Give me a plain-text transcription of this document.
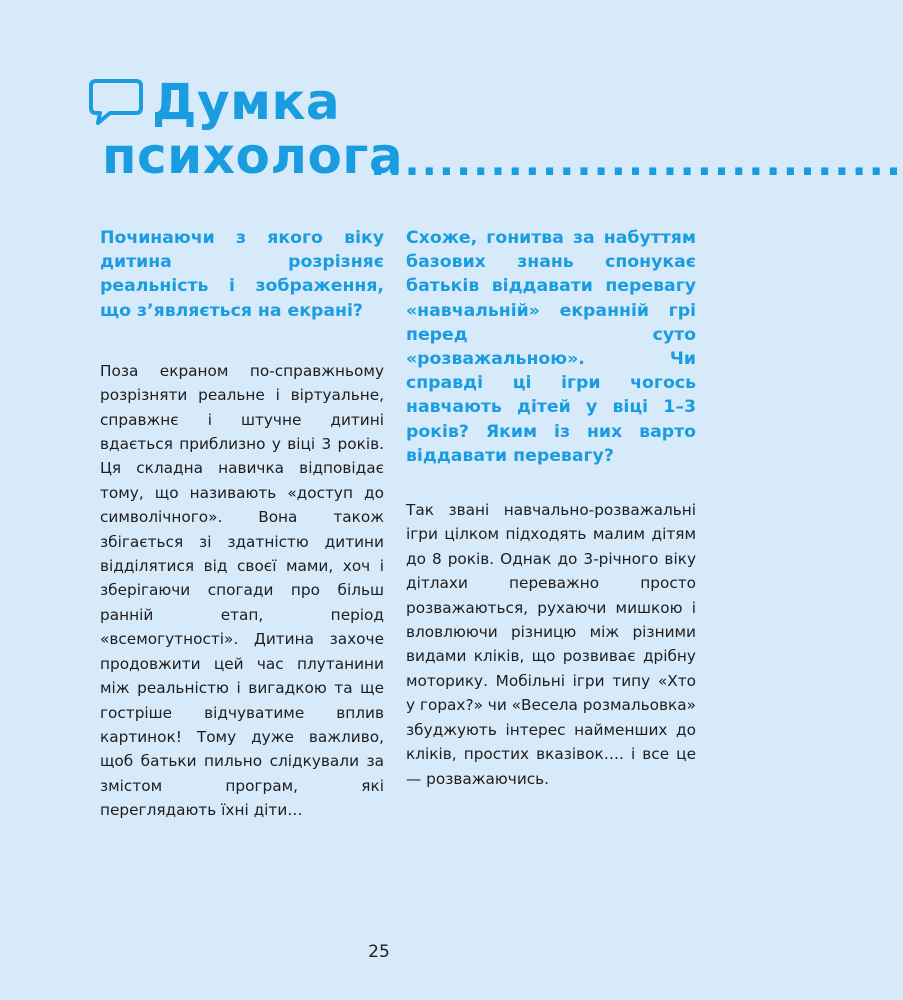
Думка
психолога
...............................

Починаючи з якого віку дитина розрізняє реальність і зображення, що з’являється на екрані?

Поза екраном по-справжньому розрізняти реальне і віртуальне, справжнє і штучне дитині вдається приблизно у віці 3 років. Ця складна навичка відповідає тому, що називають «доступ до символічного». Вона також збігається зі здатністю дитини відділятися від своєї мами, хоч і зберігаючи спогади про більш ранній етап, період «всемогутності». Дитина захоче продовжити цей час плутанини між реальністю і вигадкою та ще гостріше відчуватиме вплив картинок! Тому дуже важливо, щоб батьки пильно слідкували за змістом програм, які переглядають їхні діти…

Схоже, гонитва за набуттям базових знань спонукає батьків віддавати перевагу «навчальній» екранній грі перед суто «розважальною». Чи справді ці ігри чогось навчають дітей у віці 1–3 років? Яким із них варто віддавати перевагу?

Так звані навчально-розважальні ігри цілком підходять малим дітям до 8 років. Однак до 3-річного віку дітлахи переважно просто розважаються, рухаючи мишкою і вловлюючи різницю між різними видами кліків, що розвиває дрібну моторику. Мобільні ігри типу «Хто у горах?» чи «Весела розмальовка» збуджують інтерес найменших до кліків, простих вказівок…. і все це — розважаючись.

25
